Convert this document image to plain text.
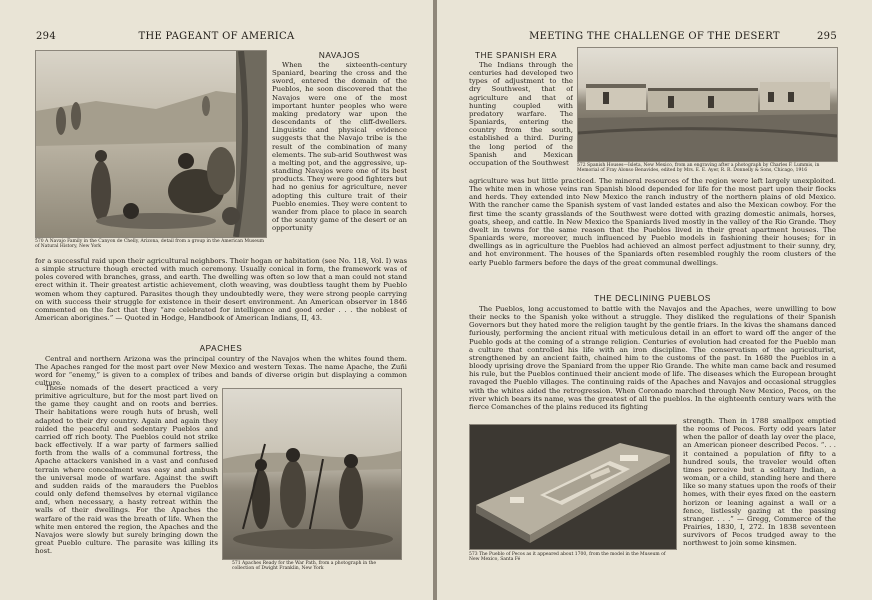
294	THE PAGEANT OF AMERICA
570 A Navajo Family in the Canyon de Chelly, Arizona, detail from a group in the American Museum of Natural History, New York
NAVAJOS

When the sixteenth-century Spaniard, bearing the cross and the sword, entered the domain of the Pueblos, he soon discovered that the Navajos were one of the most important hunter peoples who were making predatory war upon the descendants of the cliff-dwellers. Linguistic and physical evidence suggests that the Navajo tribe is the result of the combination of many elements. The sub-arid Southwest was a melting pot, and the aggressive, up-standing Navajos were one of its best products. They were good fighters but had no genius for agriculture, never adopting this culture trait of their Pueblo enemies. They were content to wander from place to place in search of the scanty game of the desert or an opportunity

for a successful raid upon their agricultural neighbors. Their hogan or habitation (see No. 118, Vol. I) was a simple structure though erected with much ceremony. Usually conical in form, the framework was of poles covered with branches, grass, and earth. The dwelling was often so low that a man could not stand erect within it. Their greatest artistic achievement, cloth weaving, was doubtless taught them by Pueblo women whom they captured. Parasites though they undoubtedly were, they were strong people carrying on with success their struggle for existence in their desert environment. An American observer in 1846 commented on the fact that they “are celebrated for intelligence and good order . . . the noblest of American aborigines.” — Quoted in Hodge, Handbook of American Indians, II, 43.

APACHES

Central and northern Arizona was the principal country of the Navajos when the whites found them. The Apaches ranged for the most part over New Mexico and western Texas. The name Apache, the Zuñi word for “enemy,” is given to a complex of tribes and bands of diverse origin but displaying a common culture.

These nomads of the desert practiced a very primitive agriculture, but for the most part lived on the game they caught and on roots and berries. Their habitations were rough huts of brush, well adapted to their dry country. Again and again they raided the peaceful and sedentary Pueblos and carried off rich booty. The Pueblos could not strike back effectively. If a war party of farmers sallied forth from the walls of a communal fortress, the Apache attackers vanished in a vast and confused terrain where concealment was easy and ambush the universal mode of warfare. Against the swift and sudden raids of the marauders the Pueblos could only defend themselves by eternal vigilance and, when necessary, a hasty retreat within the walls of their dwellings. For the Apaches the warfare of the raid was the breath of life. When the white men entered the region, the Apaches and the Navajos were slowly but surely bringing down the great Pueblo culture. The parasite was killing its host.

571 Apaches Ready for the War Path, from a photograph in the collection of Dwight Franklin, New York
MEETING THE CHALLENGE OF THE DESERT	295
THE SPANISH ERA

The Indians through the centuries had developed two types of adjustment to the dry Southwest, that of agriculture and that of hunting coupled with predatory warfare. The Spaniards, entering the country from the south, established a third. During the long period of the Spanish and Mexican occupation of the Southwest	572 Spanish Houses—Isleta, New Mexico, from an engraving after a photograph by Charles F. Lummis, in Memorial of Fray Alonso Benavides, edited by Mrs. E. E. Ayer, R. R. Donnelly & Sons, Chicago, 1916

agriculture was but little practiced. The mineral resources of the region were left largely unexploited. The white men in whose veins ran Spanish blood depended for life for the most part upon their flocks and herds. They extended into New Mexico the ranch industry of the northern plains of old Mexico. With the rancher came the Spanish system of vast landed estates and also the Mexican cowboy. For the first time the scanty grasslands of the Southwest were dotted with grazing domestic animals, horses, goats, sheep, and cattle. In New Mexico the Spaniards lived mostly in the valley of the Rio Grande. They dwelt in towns for the same reason that the Pueblos lived in their great apartment houses. The Spaniards were, moreover, much influenced by Pueblo models in fashioning their houses; for in dwellings as in agriculture the Pueblos had achieved an almost perfect adjustment to their sunny, dry, and hot environment. The houses of the Spaniards often resembled roughly the room clusters of the early Pueblo farmers before the days of the great communal dwellings.

THE DECLINING PUEBLOS

The Pueblos, long accustomed to battle with the Navajos and the Apaches, were unwilling to bow their necks to the Spanish yoke without a struggle. They disliked the regulations of their Spanish Governors but they hated more the religion taught by the gentle friars. In the kivas the shamans danced furiously, performing the ancient ritual with meticulous detail in an effort to ward off the anger of the Pueblo gods at the coming of a strange religion. Centuries of evolution had created for the Pueblo man a culture that controlled his life with an iron discipline. The conservatism of the agriculturist, strengthened by an ancient faith, chained him to the customs of the past. In 1680 the Pueblos in a bloody uprising drove the Spaniard from the upper Rio Grande. The white man came back and resumed his rule, but the Pueblos continued their ancient mode of life. The diseases which the European brought ravaged the Pueblo villages. The continuing raids of the Apaches and Navajos and occasional struggles with the whites aided the retrogression. When Coronado marched through New Mexico, Pecos, on the river which bears its name, was the greatest of all the pueblos. In the eighteenth century wars with the fierce Comanches of the plains reduced its fighting

573 The Pueblo of Pecos as it appeared about 1700, from the model in the Museum of New Mexico, Santa Fé

strength. Then in 1788 smallpox emptied the rooms of Pecos. Forty odd years later when the pallor of death lay over the place, an American pioneer described Pecos. “. . . it contained a population of fifty to a hundred souls, the traveler would often times perceive but a solitary Indian, a woman, or a child, standing here and there like so many statues upon the roofs of their homes, with their eyes fixed on the eastern horizon or leaning against a wall or a fence, listlessly gazing at the passing stranger. . . .” — Gregg, Commerce of the Prairies, 1830, I, 272. In 1838 seventeen survivors of Pecos trudged away to the northwest to join some kinsmen.
